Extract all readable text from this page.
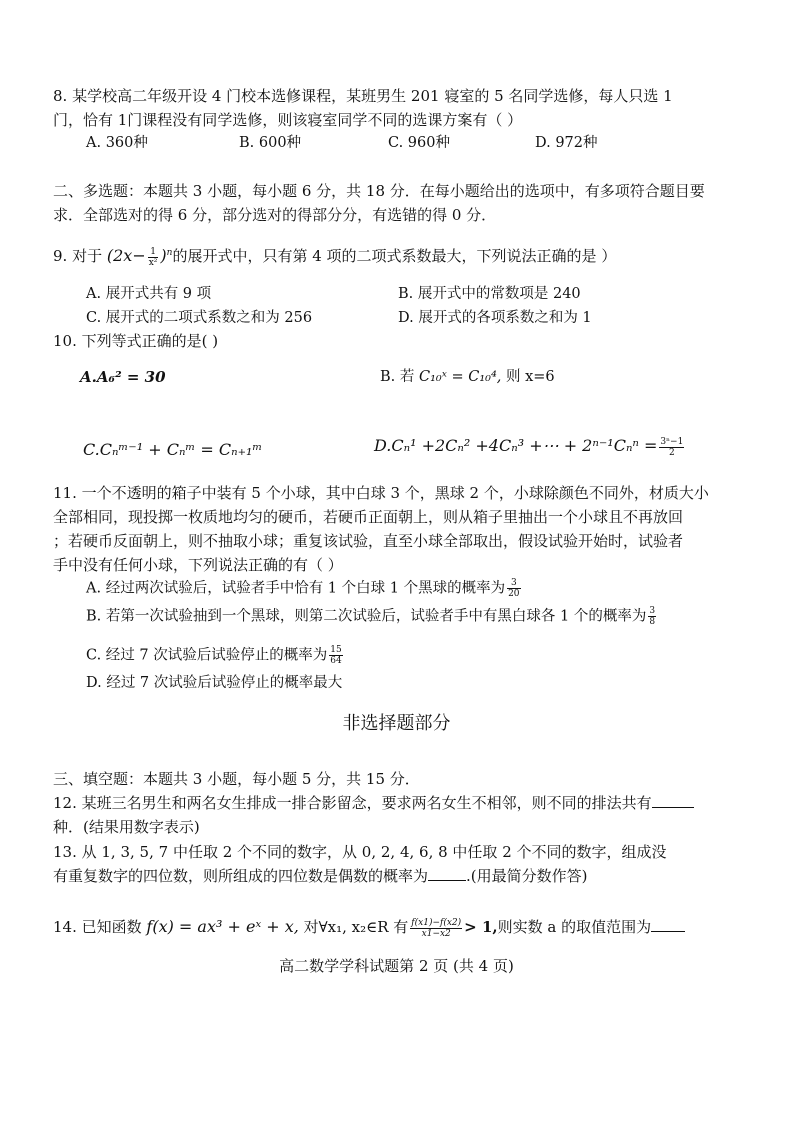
8. 某学校高二年级开设 4 门校本选修课程，某班男生 201 寝室的 5 名同学选修，每人只选 1
门，恰有 1门课程没有同学选修，则该寝室同学不同的选课方案有（ ）
A. 360种	B. 600种	C. 960种	D. 972种
二、多选题：本题共 3 小题，每小题 6 分，共 18 分．在每小题给出的选项中，有多项符合题目要
求．全部选对的得 6 分，部分选对的得部分分，有选错的得 0 分．
9. 对于 $(2x- \frac{1}{\text{x²}} )^n$的展开式中，只有第 4 项的二项式系数最大，下列说法正确的是 ）
A. 展开式共有 9 项	B. 展开式中的常数项是 240
C. 展开式的二项式系数之和为 256	D. 展开式的各项系数之和为 1
10. 下列等式正确的是( )
A.A₆² = 30	B. 若 C₁₀ˣ = C₁₀⁴, 则 x=6
C.Cₙᵐ⁻¹ + Cₙᵐ = Cₙ₊₁ᵐ	D.Cₙ¹ +2Cₙ² +4Cₙ³ +⋯ + $2^{n-1}C_n^n = \frac{\text{3ⁿ−1}}{2}$
11. 一个不透明的箱子中装有 5 个小球，其中白球 3 个，黑球 2 个，小球除颜色不同外，材质大小
全部相同，现投掷一枚质地均匀的硬币，若硬币正面朝上，则从箱子里抽出一个小球且不再放回
；若硬币反面朝上，则不抽取小球；重复该试验，直至小球全部取出，假设试验开始时，试验者
手中没有任何小球，下列说法正确的有（ ）
A. 经过两次试验后，试验者手中恰有 1 个白球 1 个黑球的概率为 $\frac{3}{20}$
B. 若第一次试验抽到一个黑球，则第二次试验后，试验者手中有黑白球各 1 个的概率为 $\frac{3}{8}$
C. 经过 7 次试验后试验停止的概率为 $\frac{15}{64}$
D. 经过 7 次试验后试验停止的概率最大
非选择题部分
三、填空题：本题共 3 小题，每小题 5 分，共 15 分．
12. 某班三名男生和两名女生排成一排合影留念，要求两名女生不相邻，则不同的排法共有
种．(结果用数字表示)
13. 从 1, 3, 5, 7 中任取 2 个不同的数字，从 0, 2, 4, 6, 8 中任取 2 个不同的数字，组成没
有重复数字的四位数，则所组成的四位数是偶数的概率为	.(用最简分数作答)
14. 已知函数 f(x) = ax³ + eˣ + x, 对∀x₁, x₂∈R 有 $\frac{f(x1)-f(x2)}{x1-x2} > 1$,则实数 a 的取值范围为
高二数学学科试题第 2 页 (共 4 页)
